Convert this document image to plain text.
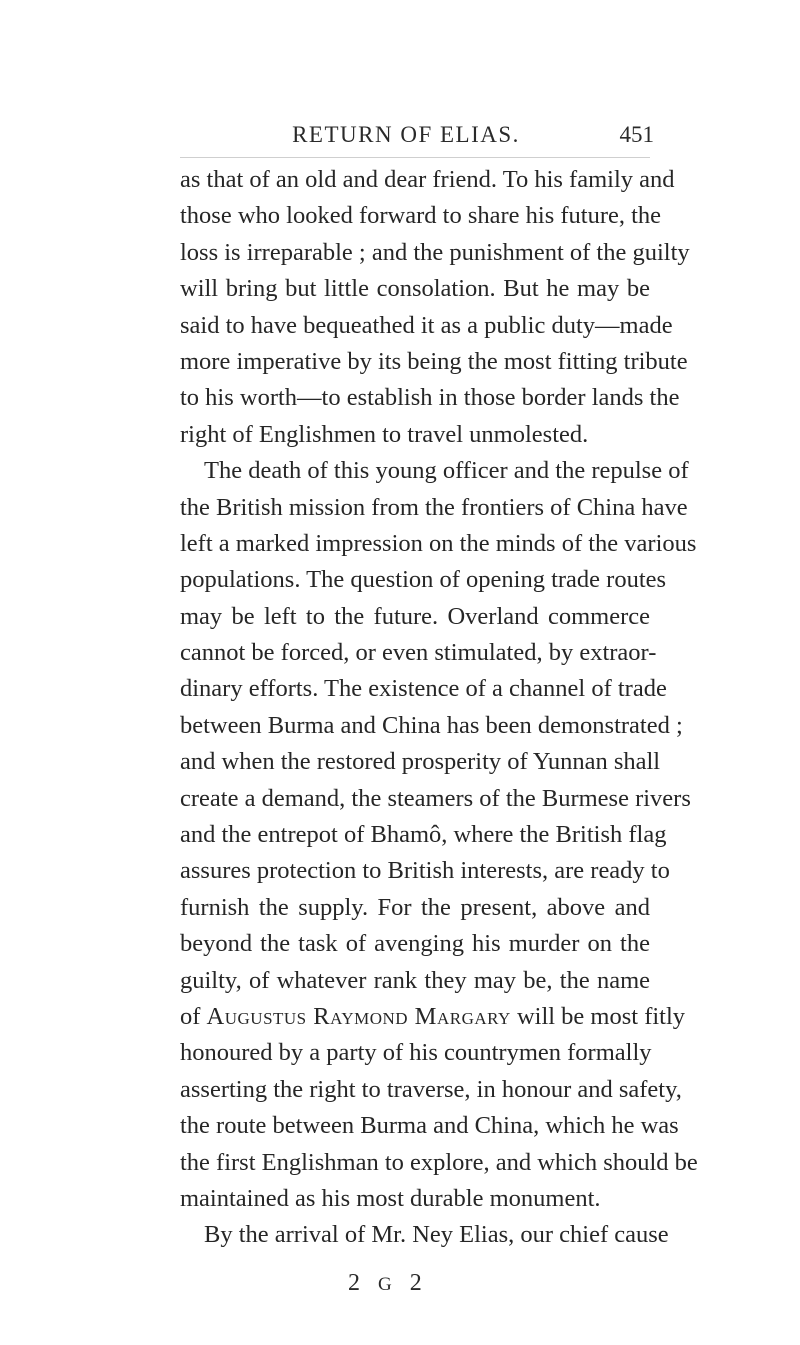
RETURN OF ELIAS.	451
as that of an old and dear friend. To his family and
those who looked forward to share his future, the
loss is irreparable ; and the punishment of the guilty
will bring but little consolation. But he may be
said to have bequeathed it as a public duty—made
more imperative by its being the most fitting tribute
to his worth—to establish in those border lands the
right of Englishmen to travel unmolested.
The death of this young officer and the repulse of
the British mission from the frontiers of China have
left a marked impression on the minds of the various
populations. The question of opening trade routes
may be left to the future. Overland commerce
cannot be forced, or even stimulated, by extraor-
dinary efforts. The existence of a channel of trade
between Burma and China has been demonstrated ;
and when the restored prosperity of Yunnan shall
create a demand, the steamers of the Burmese rivers
and the entrepot of Bhamô, where the British flag
assures protection to British interests, are ready to
furnish the supply. For the present, above and
beyond the task of avenging his murder on the
guilty, of whatever rank they may be, the name
of Augustus Raymond Margary will be most fitly
honoured by a party of his countrymen formally
asserting the right to traverse, in honour and safety,
the route between Burma and China, which he was
the first Englishman to explore, and which should be
maintained as his most durable monument.
By the arrival of Mr. Ney Elias, our chief cause
2 G 2
